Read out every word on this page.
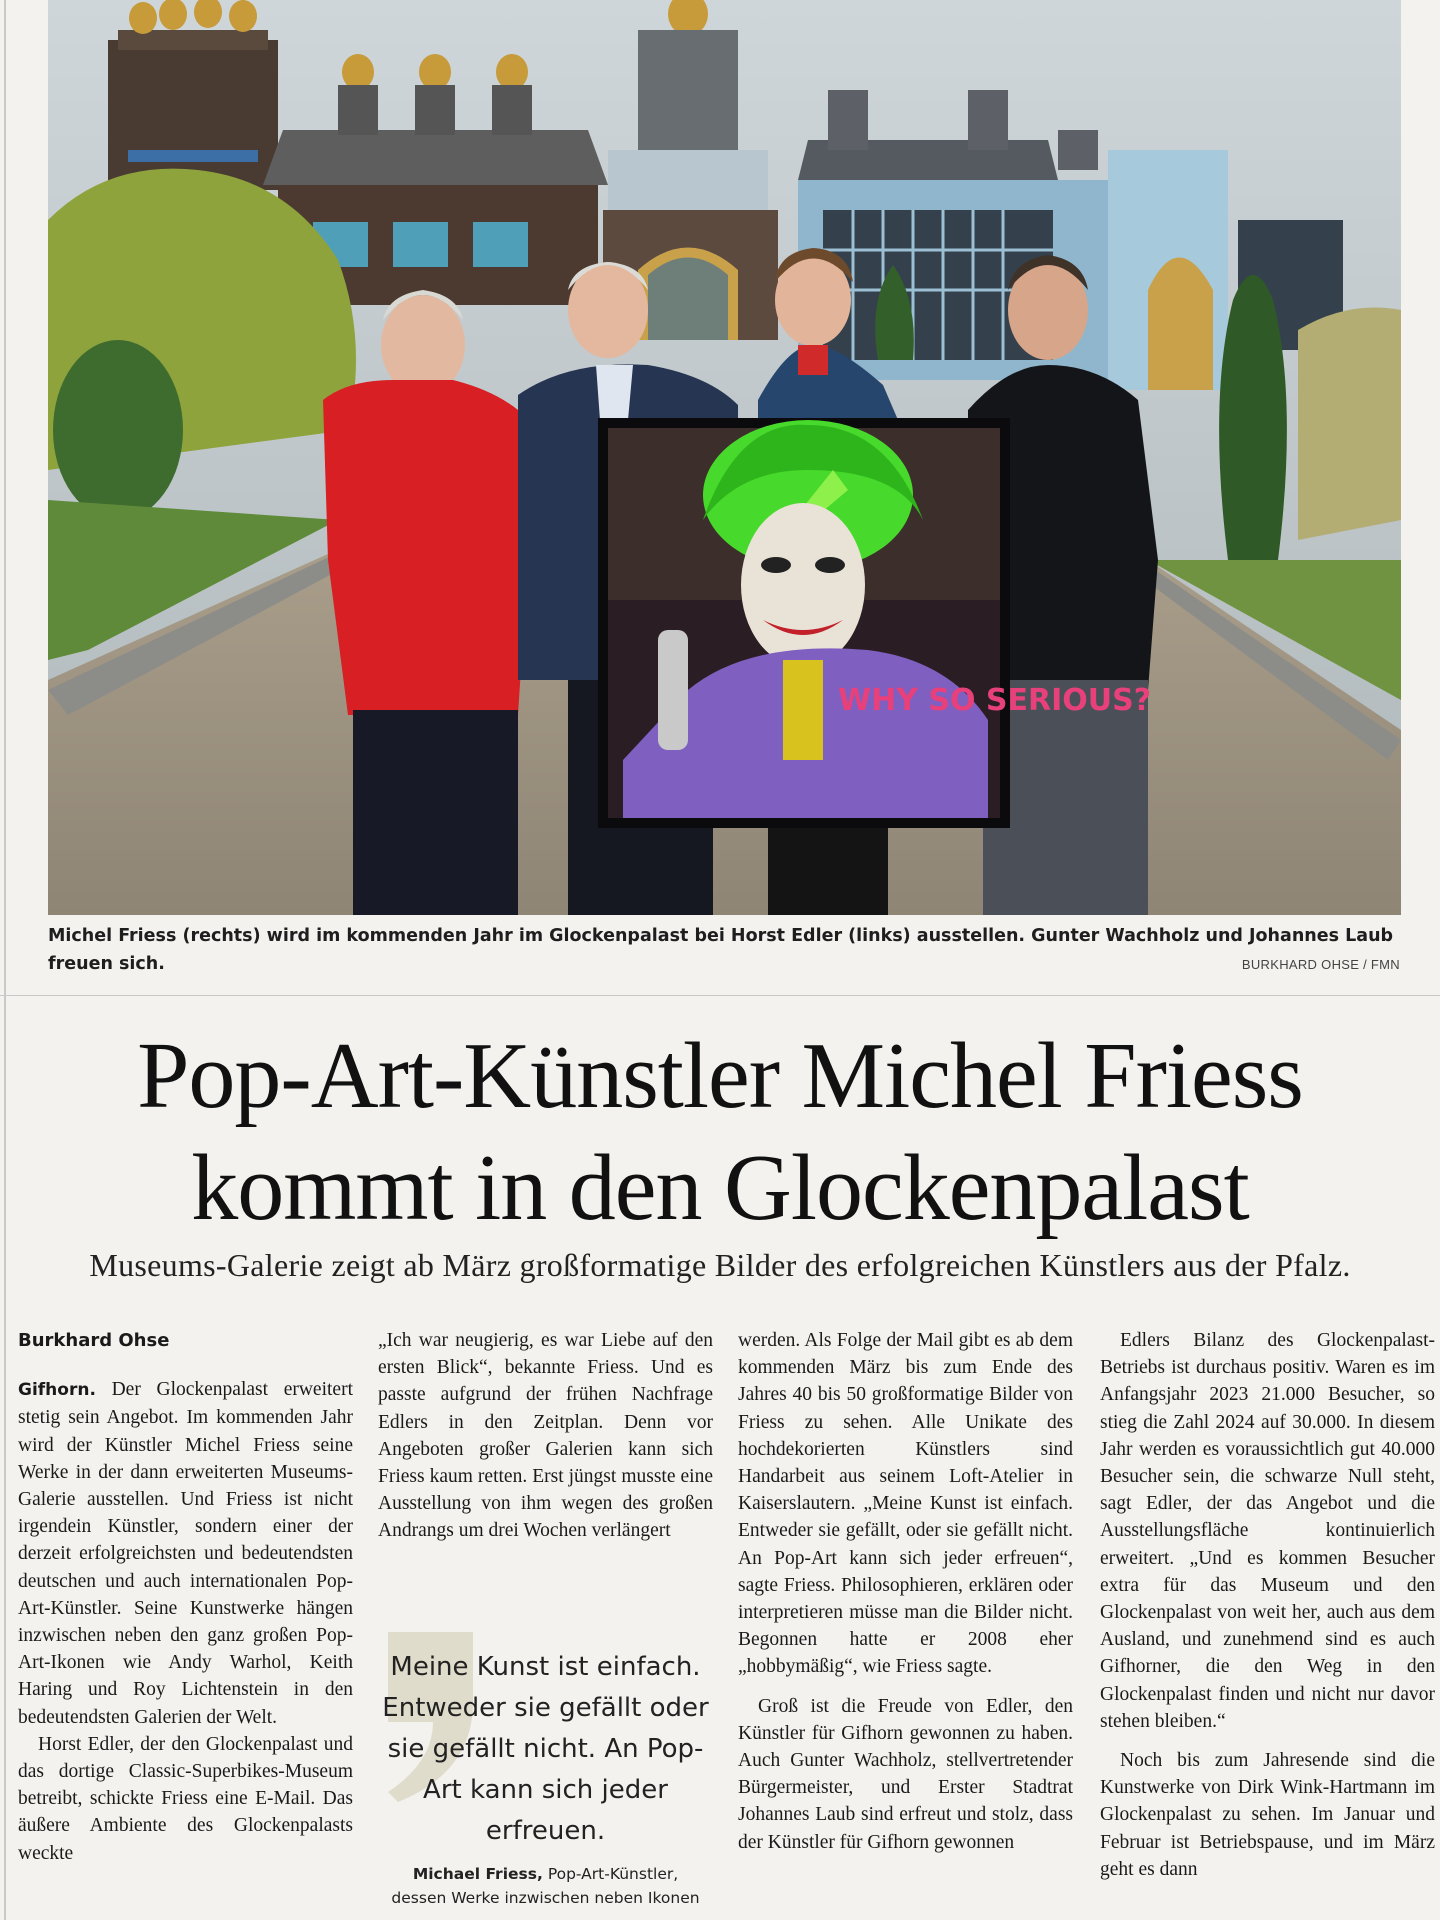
WHY SO SERIOUS?
Michel Friess (rechts) wird im kommenden Jahr im Glockenpalast bei Horst Edler (links) ausstellen. Gunter Wachholz und Johannes Laub freuen sich.	BURKHARD OHSE / FMN
Pop-Art-Künstler Michel Friess
kommt in den Glockenpalast
Museums-Galerie zeigt ab März großformatige Bilder des erfolgreichen Künstlers aus der Pfalz.
Burkhard Ohse

Gifhorn. Der Glockenpalast erweitert stetig sein Angebot. Im kommenden Jahr wird der Künstler Michel Friess seine Werke in der dann erweiterten Museums-Galerie ausstellen. Und Friess ist nicht irgendein Künstler, sondern einer der derzeit erfolgreichsten und bedeutendsten deutschen und auch internationalen Pop-Art-Künstler. Seine Kunstwerke hängen inzwischen neben den ganz großen Pop-Art-Ikonen wie Andy Warhol, Keith Haring und Roy Lichtenstein in den bedeutendsten Galerien der Welt.

Horst Edler, der den Glockenpalast und das dortige Classic-Superbikes-Museum betreibt, schickte Friess eine E-Mail. Das äußere Ambiente des Glockenpalasts weckte

„Ich war neugierig, es war Liebe auf den ersten Blick“, bekannte Friess. Und es passte aufgrund der frühen Nachfrage Edlers in den Zeitplan. Denn vor Angeboten großer Galerien kann sich Friess kaum retten. Erst jüngst musste eine Ausstellung von ihm wegen des großen Andrangs um drei Wochen verlängert

Meine Kunst ist einfach. Entweder sie gefällt oder sie gefällt nicht. An Pop-Art kann sich jeder erfreuen.
Michael Friess, Pop-Art-Künstler,
dessen Werke inzwischen neben Ikonen

werden. Als Folge der Mail gibt es ab dem kommenden März bis zum Ende des Jahres 40 bis 50 großformatige Bilder von Friess zu sehen. Alle Unikate des hochdekorierten Künstlers sind Handarbeit aus seinem Loft-Atelier in Kaiserslautern. „Meine Kunst ist einfach. Entweder sie gefällt, oder sie gefällt nicht. An Pop-Art kann sich jeder erfreuen“, sagte Friess. Philosophieren, erklären oder interpretieren müsse man die Bilder nicht. Begonnen hatte er 2008 eher „hobbymäßig“, wie Friess sagte.

Groß ist die Freude von Edler, den Künstler für Gifhorn gewonnen zu haben. Auch Gunter Wachholz, stellvertretender Bürgermeister, und Erster Stadtrat Johannes Laub sind erfreut und stolz, dass der Künstler für Gifhorn gewonnen

Edlers Bilanz des Glockenpalast-Betriebs ist durchaus positiv. Waren es im Anfangsjahr 2023 21.000 Besucher, so stieg die Zahl 2024 auf 30.000. In diesem Jahr werden es voraussichtlich gut 40.000 Besucher sein, die schwarze Null steht, sagt Edler, der das Angebot und die Ausstellungsfläche kontinuierlich erweitert. „Und es kommen Besucher extra für das Museum und den Glockenpalast von weit her, auch aus dem Ausland, und zunehmend sind es auch Gifhorner, die den Weg in den Glockenpalast finden und nicht nur davor stehen bleiben.“

Noch bis zum Jahresende sind die Kunstwerke von Dirk Wink-Hartmann im Glockenpalast zu sehen. Im Januar und Februar ist Betriebspause, und im März geht es dann
